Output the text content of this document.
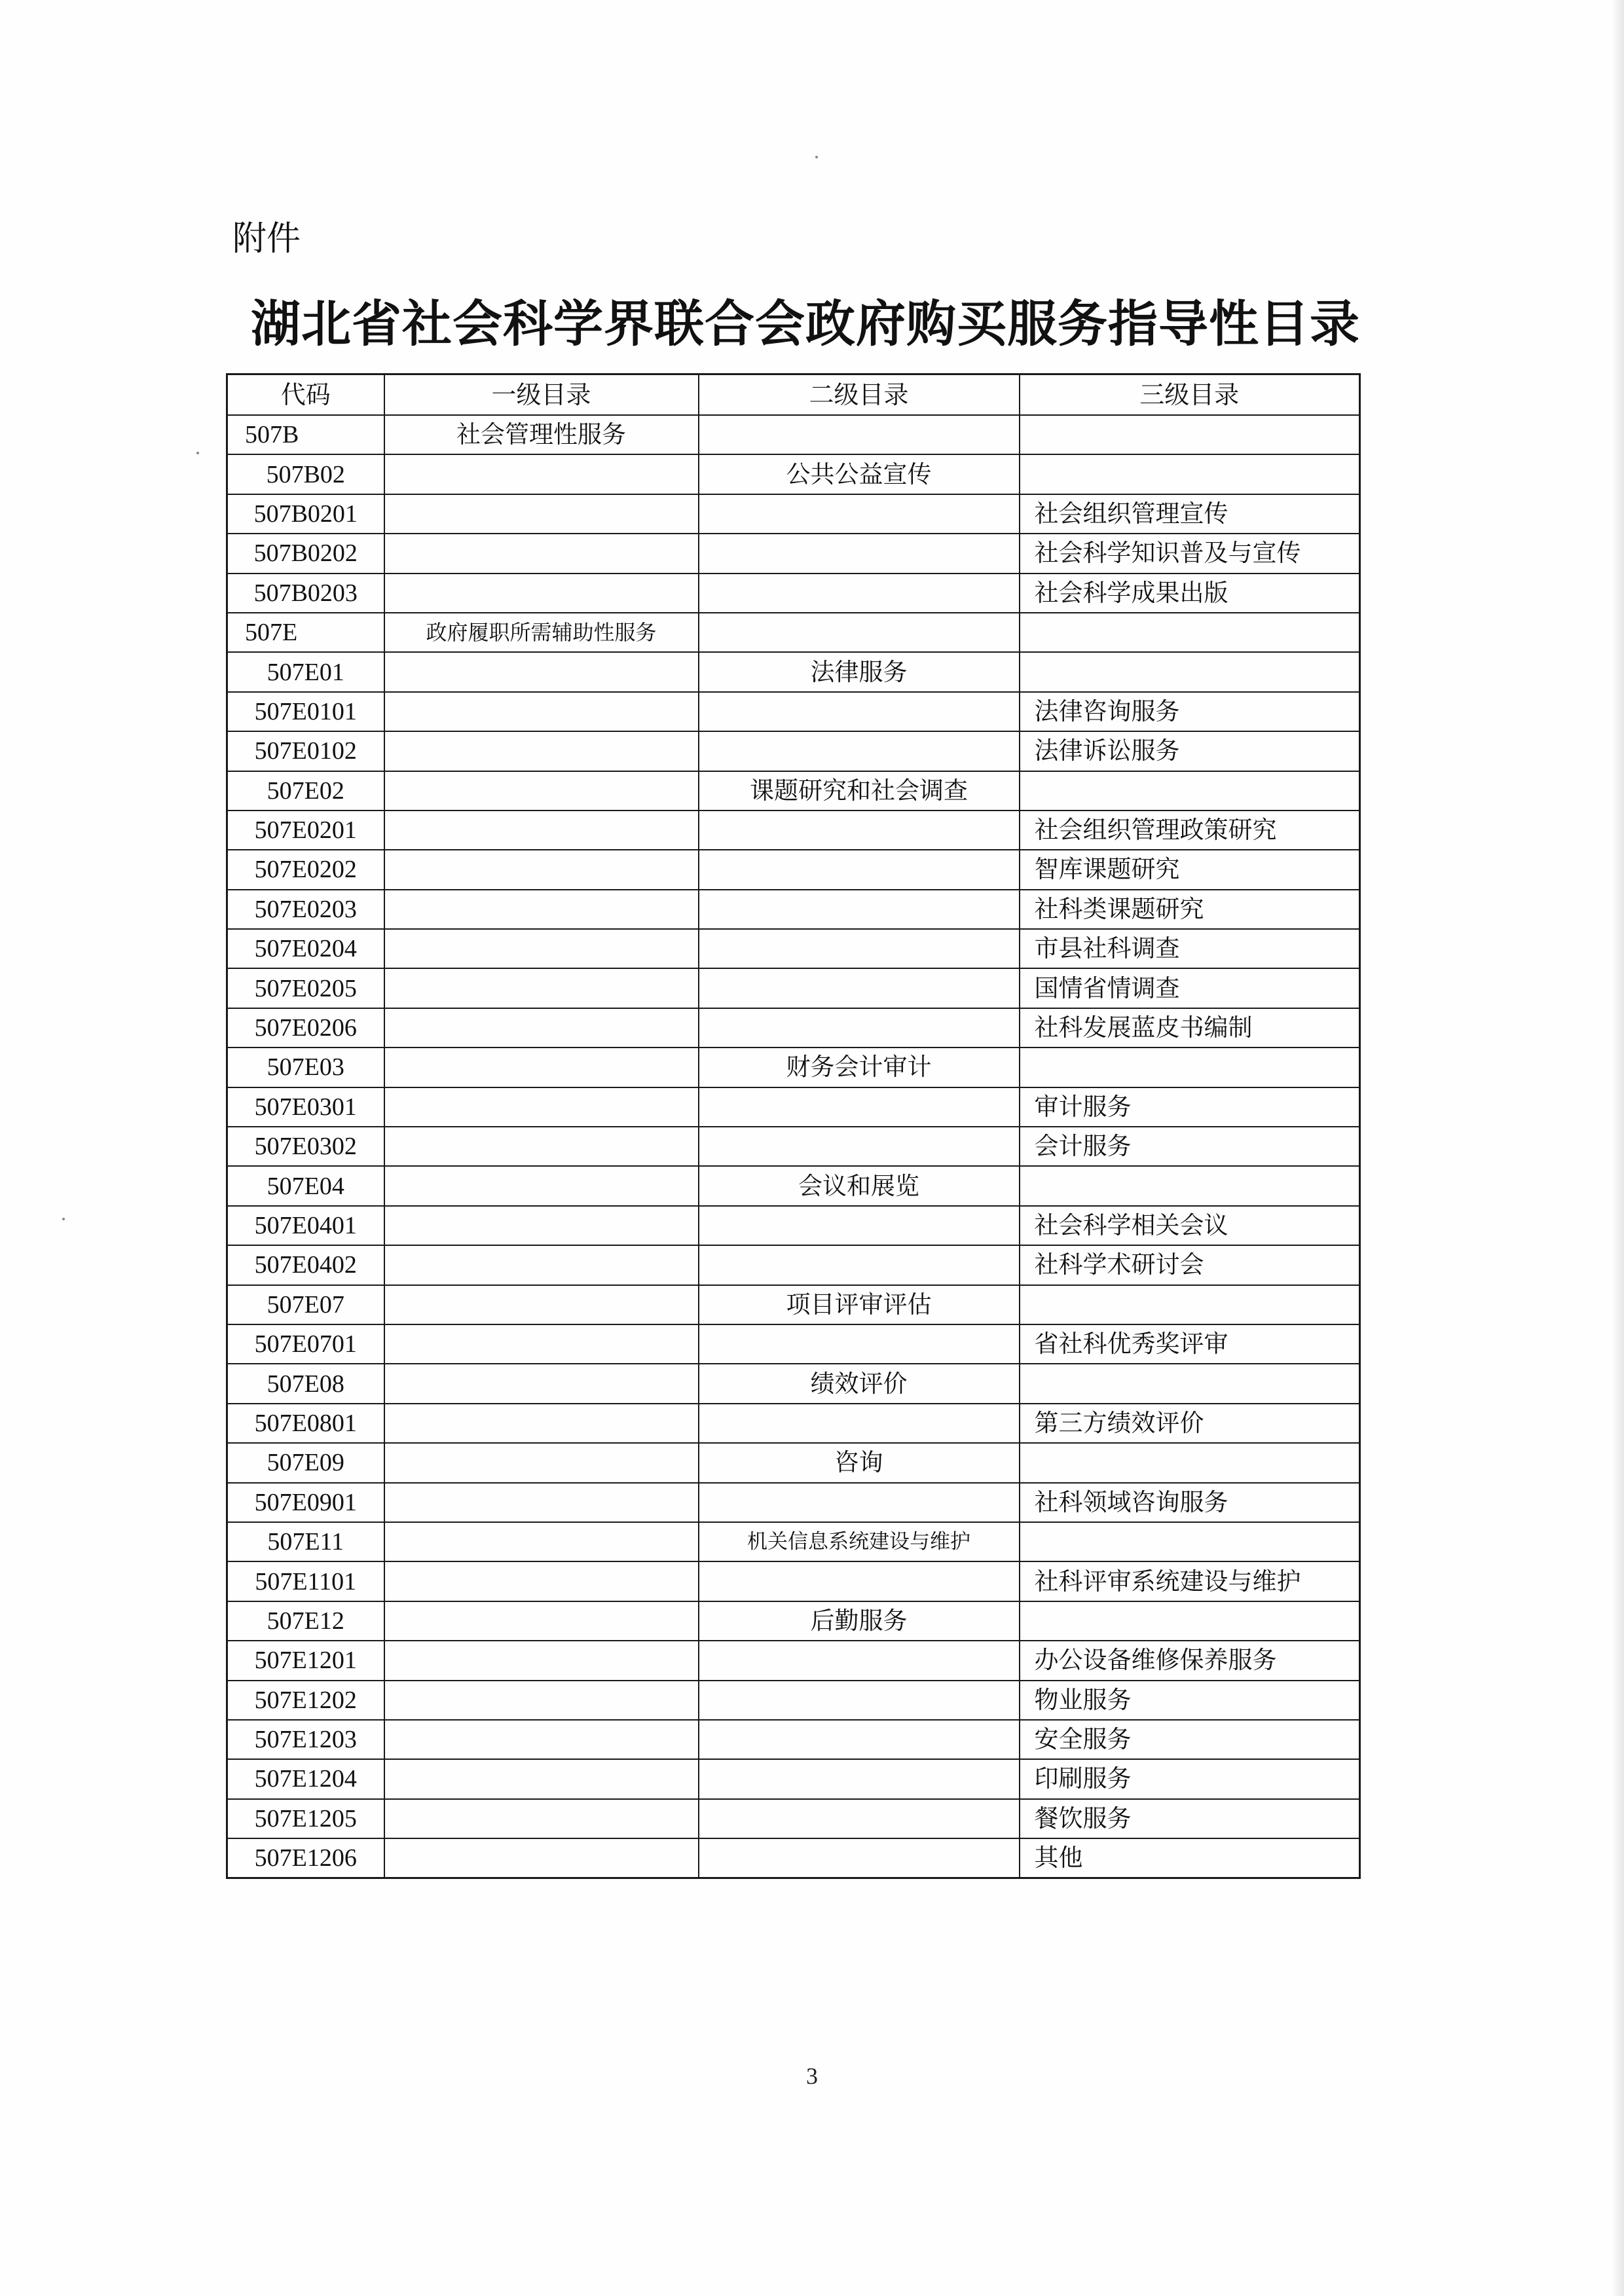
附件
湖北省社会科学界联合会政府购买服务指导性目录
代码	一级目录	二级目录	三级目录
507B	社会管理性服务		
507B02		公共公益宣传	
507B0201			社会组织管理宣传
507B0202			社会科学知识普及与宣传
507B0203			社会科学成果出版
507E	政府履职所需辅助性服务		
507E01		法律服务	
507E0101			法律咨询服务
507E0102			法律诉讼服务
507E02		课题研究和社会调查	
507E0201			社会组织管理政策研究
507E0202			智库课题研究
507E0203			社科类课题研究
507E0204			市县社科调查
507E0205			国情省情调查
507E0206			社科发展蓝皮书编制
507E03		财务会计审计	
507E0301			审计服务
507E0302			会计服务
507E04		会议和展览	
507E0401			社会科学相关会议
507E0402			社科学术研讨会
507E07		项目评审评估	
507E0701			省社科优秀奖评审
507E08		绩效评价	
507E0801			第三方绩效评价
507E09		咨询	
507E0901			社科领域咨询服务
507E11		机关信息系统建设与维护	
507E1101			社科评审系统建设与维护
507E12		后勤服务	
507E1201			办公设备维修保养服务
507E1202			物业服务
507E1203			安全服务
507E1204			印刷服务
507E1205			餐饮服务
507E1206			其他
3
